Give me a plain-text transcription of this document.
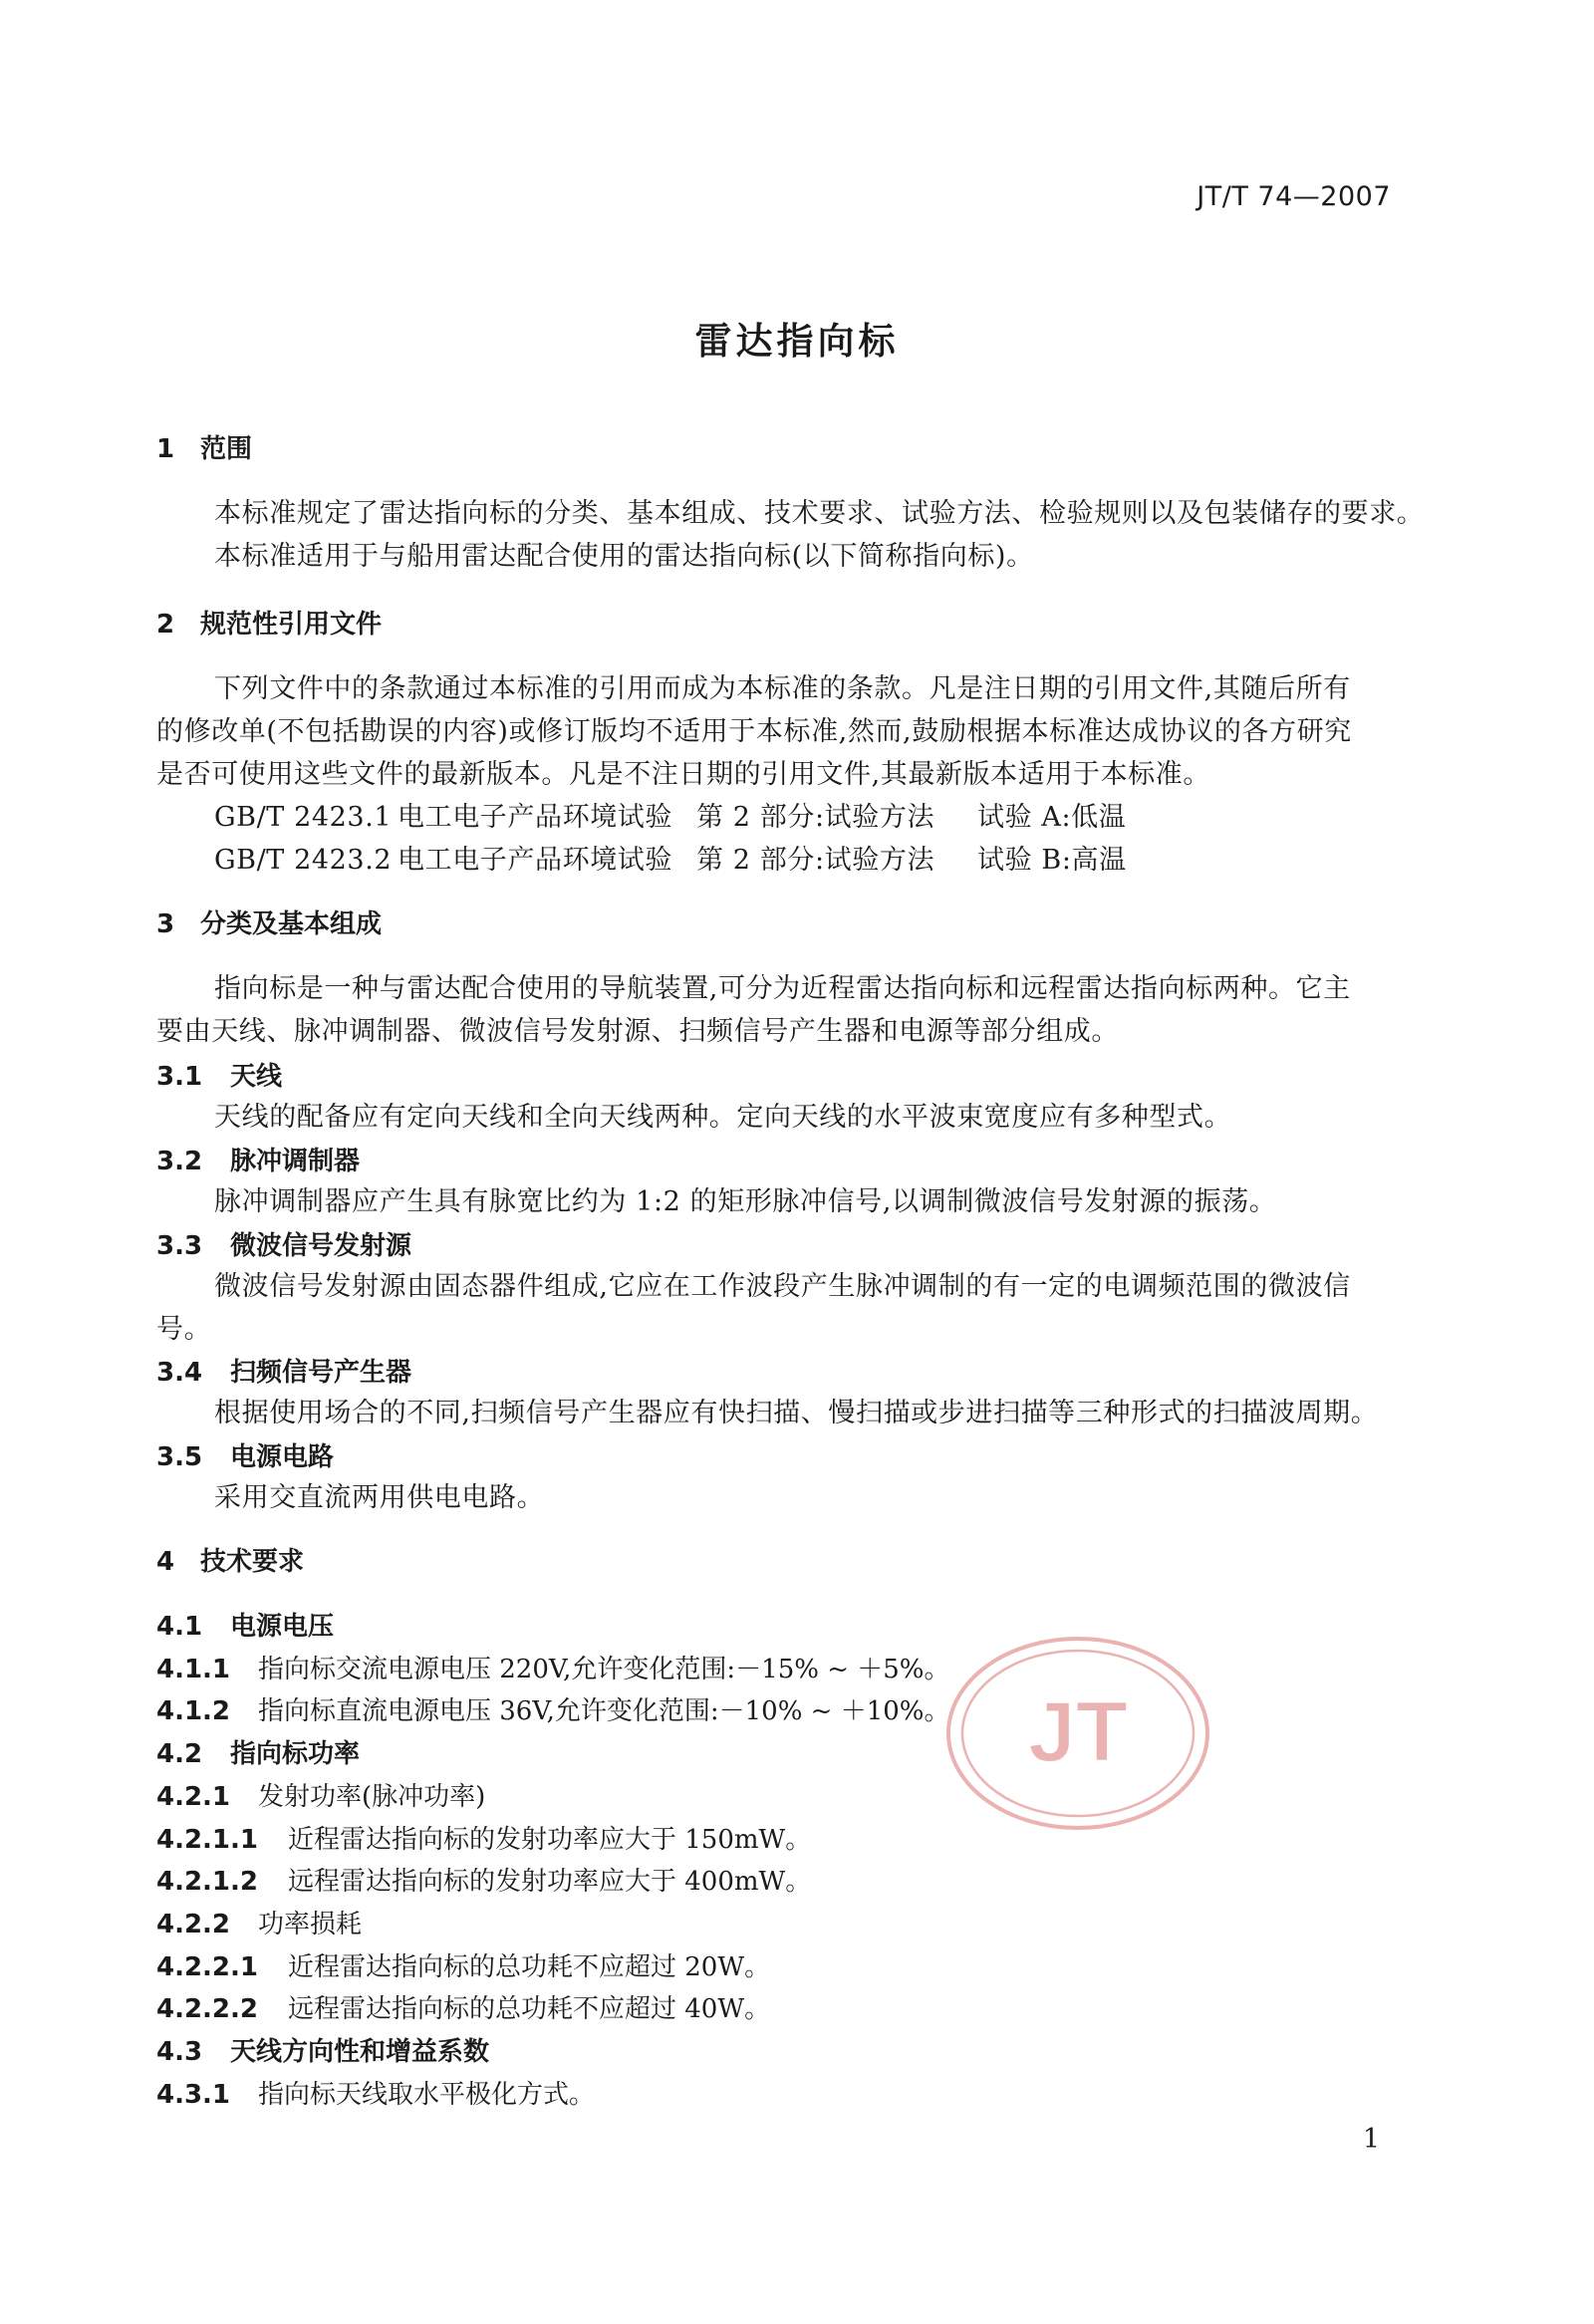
JT/T 74—2007
雷达指向标
1 范围
本标准规定了雷达指向标的分类、基本组成、技术要求、试验方法、检验规则以及包装储存的要求。
本标准适用于与船用雷达配合使用的雷达指向标(以下简称指向标)。
2 规范性引用文件
下列文件中的条款通过本标准的引用而成为本标准的条款。凡是注日期的引用文件,其随后所有
的修改单(不包括勘误的内容)或修订版均不适用于本标准,然而,鼓励根据本标准达成协议的各方研究
是否可使用这些文件的最新版本。凡是不注日期的引用文件,其最新版本适用于本标准。
GB/T 2423.1 电工电子产品环境试验 第 2 部分:试验方法 试验 A:低温
GB/T 2423.2 电工电子产品环境试验 第 2 部分:试验方法 试验 B:高温
3 分类及基本组成
指向标是一种与雷达配合使用的导航装置,可分为近程雷达指向标和远程雷达指向标两种。它主
要由天线、脉冲调制器、微波信号发射源、扫频信号产生器和电源等部分组成。
3.1 天线
天线的配备应有定向天线和全向天线两种。定向天线的水平波束宽度应有多种型式。
3.2 脉冲调制器
脉冲调制器应产生具有脉宽比约为 1:2 的矩形脉冲信号,以调制微波信号发射源的振荡。
3.3 微波信号发射源
微波信号发射源由固态器件组成,它应在工作波段产生脉冲调制的有一定的电调频范围的微波信
号。
3.4 扫频信号产生器
根据使用场合的不同,扫频信号产生器应有快扫描、慢扫描或步进扫描等三种形式的扫描波周期。
3.5 电源电路
采用交直流两用供电电路。
4 技术要求
4.1 电源电压
4.1.1 指向标交流电源电压 220V,允许变化范围:－15% ~ ＋5%。
4.1.2 指向标直流电源电压 36V,允许变化范围:－10% ~ ＋10%。
4.2 指向标功率
4.2.1 发射功率(脉冲功率)
4.2.1.1 近程雷达指向标的发射功率应大于 150mW。
4.2.1.2 远程雷达指向标的发射功率应大于 400mW。
4.2.2 功率损耗
4.2.2.1 近程雷达指向标的总功耗不应超过 20W。
4.2.2.2 远程雷达指向标的总功耗不应超过 40W。
4.3 天线方向性和增益系数
4.3.1 指向标天线取水平极化方式。
JT
1
